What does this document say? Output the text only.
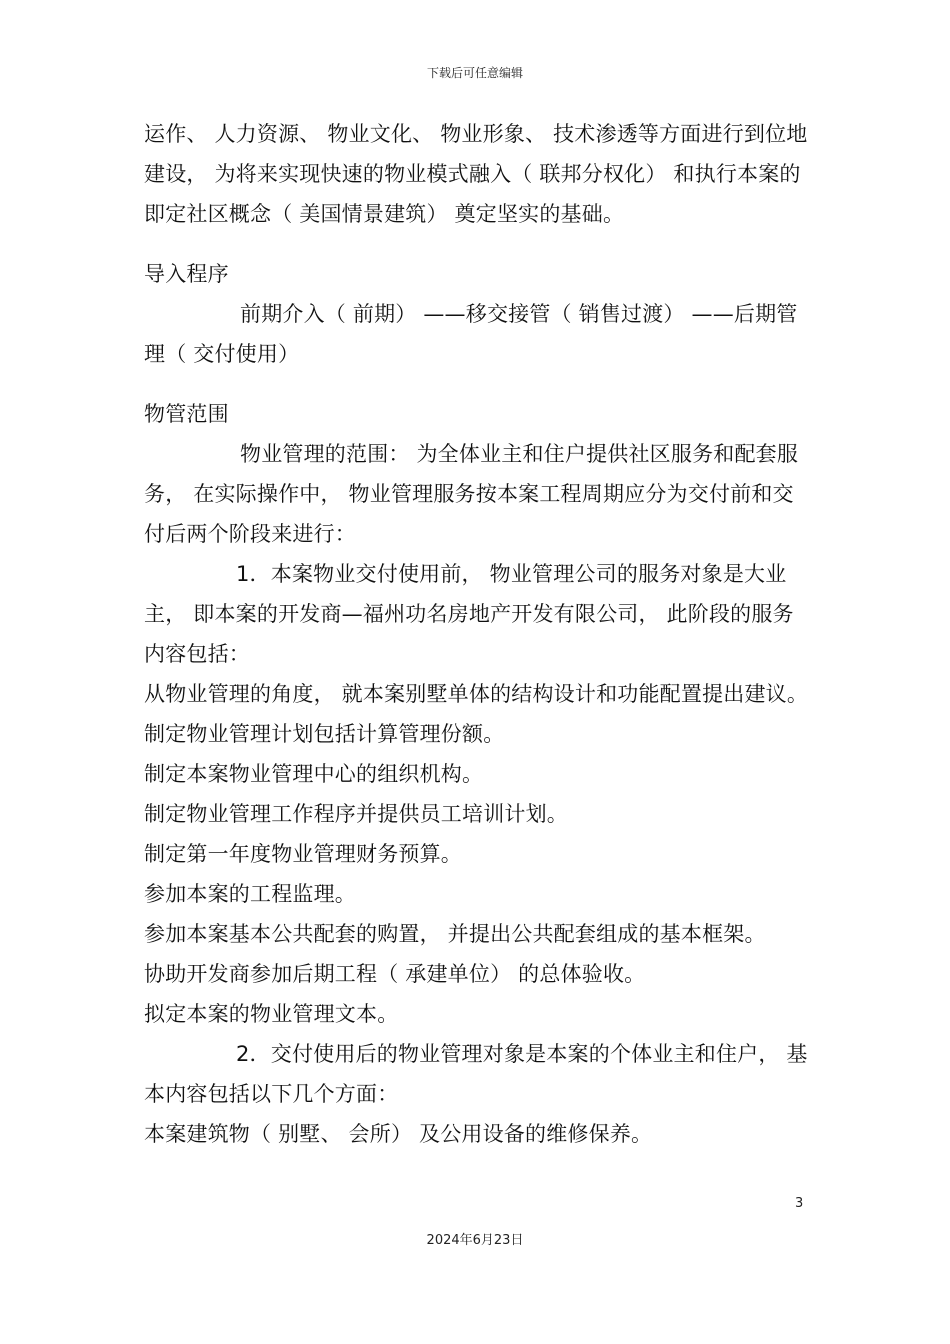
下载后可任意编辑

运作、 人力资源、 物业文化、 物业形象、 技术渗透等方面进行到位地建设， 为将来实现快速的物业模式融入（ 联邦分权化） 和执行本案的即定社区概念（ 美国情景建筑） 奠定坚实的基础。

导入程序

前期介入（ 前期） ——移交接管（ 销售过渡） ——后期管理（ 交付使用）

物管范围

物业管理的范围： 为全体业主和住户提供社区服务和配套服务， 在实际操作中， 物业管理服务按本案工程周期应分为交付前和交付后两个阶段来进行：

1．本案物业交付使用前， 物业管理公司的服务对象是大业主， 即本案的开发商—福州功名房地产开发有限公司， 此阶段的服务内容包括：

从物业管理的角度， 就本案别墅单体的结构设计和功能配置提出建议。

制定物业管理计划包括计算管理份额。

制定本案物业管理中心的组织机构。

制定物业管理工作程序并提供员工培训计划。

制定第一年度物业管理财务预算。

参加本案的工程监理。

参加本案基本公共配套的购置， 并提出公共配套组成的基本框架。

协助开发商参加后期工程（ 承建单位） 的总体验收。

拟定本案的物业管理文本。

2．交付使用后的物业管理对象是本案的个体业主和住户， 基本内容包括以下几个方面：

本案建筑物（ 别墅、 会所） 及公用设备的维修保养。

3
2024年6月23日
